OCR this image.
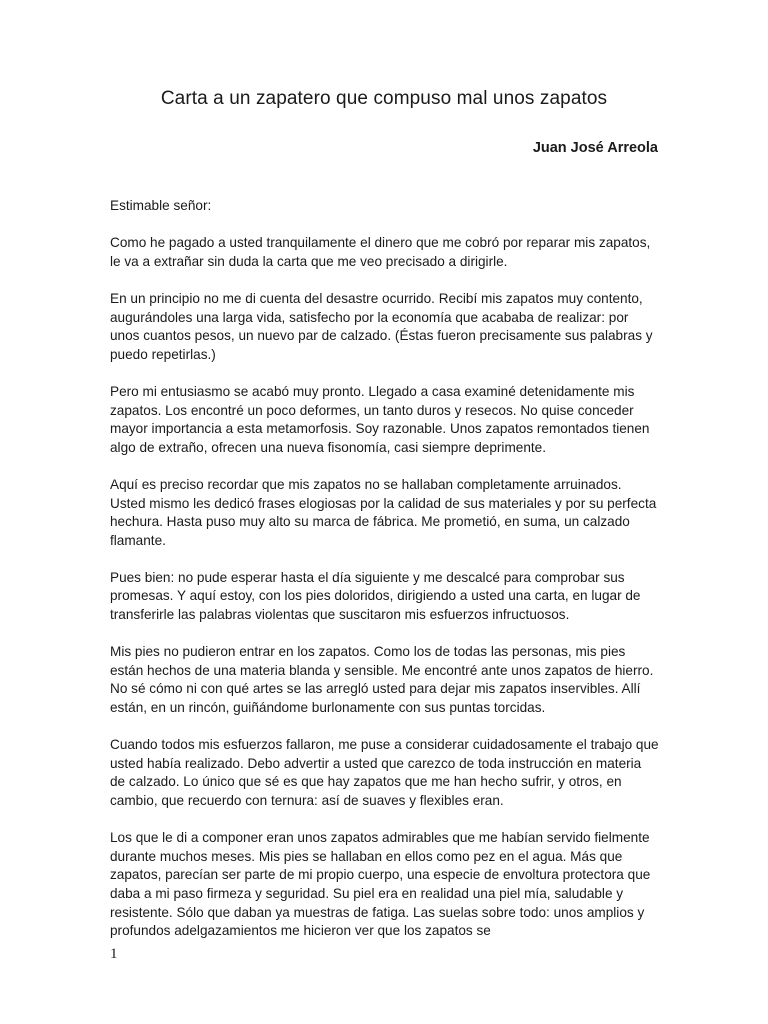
Carta a un zapatero que compuso mal unos zapatos

Juan José Arreola

Estimable señor:

Como he pagado a usted tranquilamente el dinero que me cobró por reparar mis zapatos, le va a extrañar sin duda la carta que me veo precisado a dirigirle.

En un principio no me di cuenta del desastre ocurrido. Recibí mis zapatos muy contento, augurándoles una larga vida, satisfecho por la economía que acababa de realizar: por unos cuantos pesos, un nuevo par de calzado. (Éstas fueron precisamente sus palabras y puedo repetirlas.)

Pero mi entusiasmo se acabó muy pronto. Llegado a casa examiné detenidamente mis zapatos. Los encontré un poco deformes, un tanto duros y resecos. No quise conceder mayor importancia a esta metamorfosis. Soy razonable. Unos zapatos remontados tienen algo de extraño, ofrecen una nueva fisonomía, casi siempre deprimente.

Aquí es preciso recordar que mis zapatos no se hallaban completamente arruinados. Usted mismo les dedicó frases elogiosas por la calidad de sus materiales y por su perfecta hechura. Hasta puso muy alto su marca de fábrica. Me prometió, en suma, un calzado flamante.

Pues bien: no pude esperar hasta el día siguiente y me descalcé para comprobar sus promesas. Y aquí estoy, con los pies doloridos, dirigiendo a usted una carta, en lugar de transferirle las palabras violentas que suscitaron mis esfuerzos infructuosos.

Mis pies no pudieron entrar en los zapatos. Como los de todas las personas, mis pies están hechos de una materia blanda y sensible. Me encontré ante unos zapatos de hierro. No sé cómo ni con qué artes se las arregló usted para dejar mis zapatos inservibles. Allí están, en un rincón, guiñándome burlonamente con sus puntas torcidas.

Cuando todos mis esfuerzos fallaron, me puse a considerar cuidadosamente el trabajo que usted había realizado. Debo advertir a usted que carezco de toda instrucción en materia de calzado. Lo único que sé es que hay zapatos que me han hecho sufrir, y otros, en cambio, que recuerdo con ternura: así de suaves y flexibles eran.

Los que le di a componer eran unos zapatos admirables que me habían servido fielmente durante muchos meses. Mis pies se hallaban en ellos como pez en el agua. Más que zapatos, parecían ser parte de mi propio cuerpo, una especie de envoltura protectora que daba a mi paso firmeza y seguridad. Su piel era en realidad una piel mía, saludable y resistente. Sólo que daban ya muestras de fatiga. Las suelas sobre todo: unos amplios y profundos adelgazamientos me hicieron ver que los zapatos se

1
